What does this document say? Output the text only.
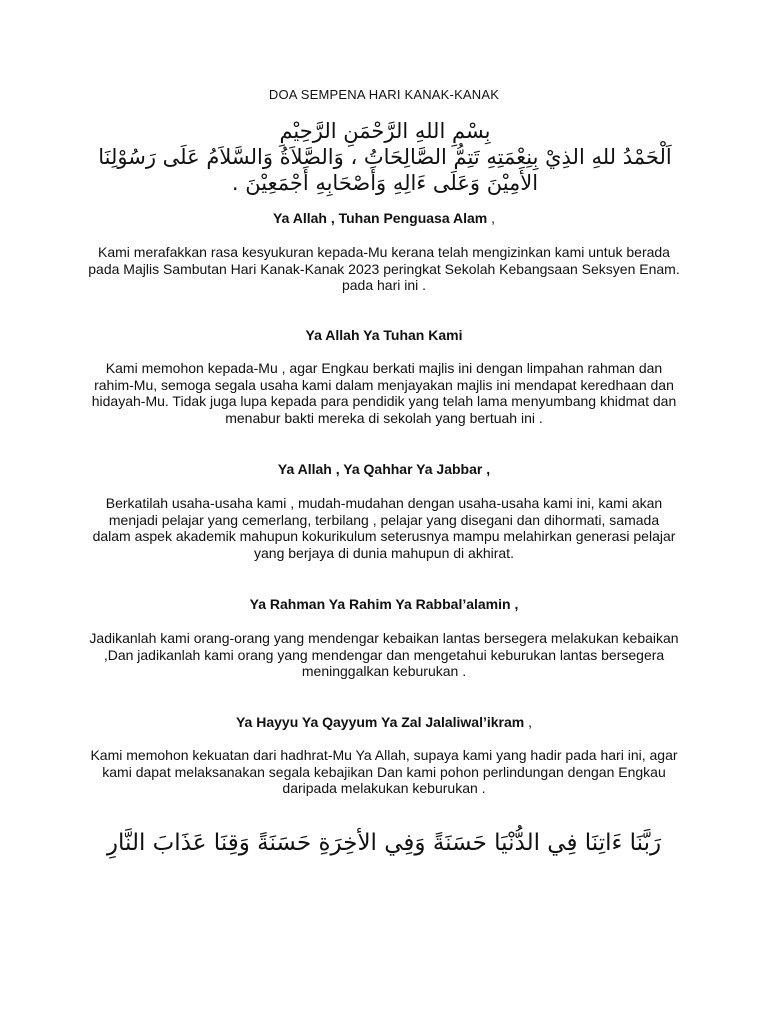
DOA SEMPENA HARI KANAK-KANAK
بِسْمِ اللهِ الرَّحْمَنِ الرَّحِيْمِ
اَلْحَمْدُ للهِ الذِيْ بِنِعْمَتِهِ تَتِمُّ الصَّالِحَاتُ ، وَالصَّلاَةُ وَالسَّلاَمُ عَلَى رَسُوْلِنَا الأَمِيْنَ وَعَلَى ءَالِهِ وَأَصْحَابِهِ أَجْمَعِيْنَ .
Ya Allah , Tuhan Penguasa Alam ,
Kami merafakkan rasa kesyukuran kepada-Mu kerana telah mengizinkan kami untuk berada pada Majlis Sambutan Hari Kanak-Kanak 2023 peringkat Sekolah Kebangsaan Seksyen Enam. pada hari ini .
Ya Allah Ya Tuhan Kami
Kami memohon kepada-Mu , agar Engkau berkati majlis ini dengan limpahan rahman dan rahim-Mu, semoga segala usaha kami dalam menjayakan majlis ini mendapat keredhaan dan hidayah-Mu. Tidak juga lupa kepada para pendidik yang telah lama menyumbang khidmat dan menabur bakti mereka di sekolah yang bertuah ini .
Ya Allah , Ya Qahhar Ya Jabbar ,
Berkatilah usaha-usaha kami , mudah-mudahan dengan usaha-usaha kami ini, kami akan menjadi pelajar yang cemerlang, terbilang , pelajar yang disegani dan dihormati, samada dalam aspek akademik mahupun kokurikulum seterusnya mampu melahirkan generasi pelajar yang berjaya di dunia mahupun di akhirat.
Ya Rahman Ya Rahim Ya Rabbal’alamin ,
Jadikanlah kami orang-orang yang mendengar kebaikan lantas bersegera melakukan kebaikan ,Dan jadikanlah kami orang yang mendengar dan mengetahui keburukan lantas bersegera meninggalkan keburukan .
Ya Hayyu Ya Qayyum Ya Zal Jalaliwal’ikram ,
Kami memohon kekuatan dari hadhrat-Mu Ya Allah, supaya kami yang hadir pada hari ini, agar kami dapat melaksanakan segala kebajikan Dan kami pohon perlindungan dengan Engkau daripada melakukan keburukan .
رَبَّنَا ءَاتِنَا فِي الدُّنْيَا حَسَنَةً وَفِي الأخِرَةِ حَسَنَةً وَقِنَا عَذَابَ النَّارِ
